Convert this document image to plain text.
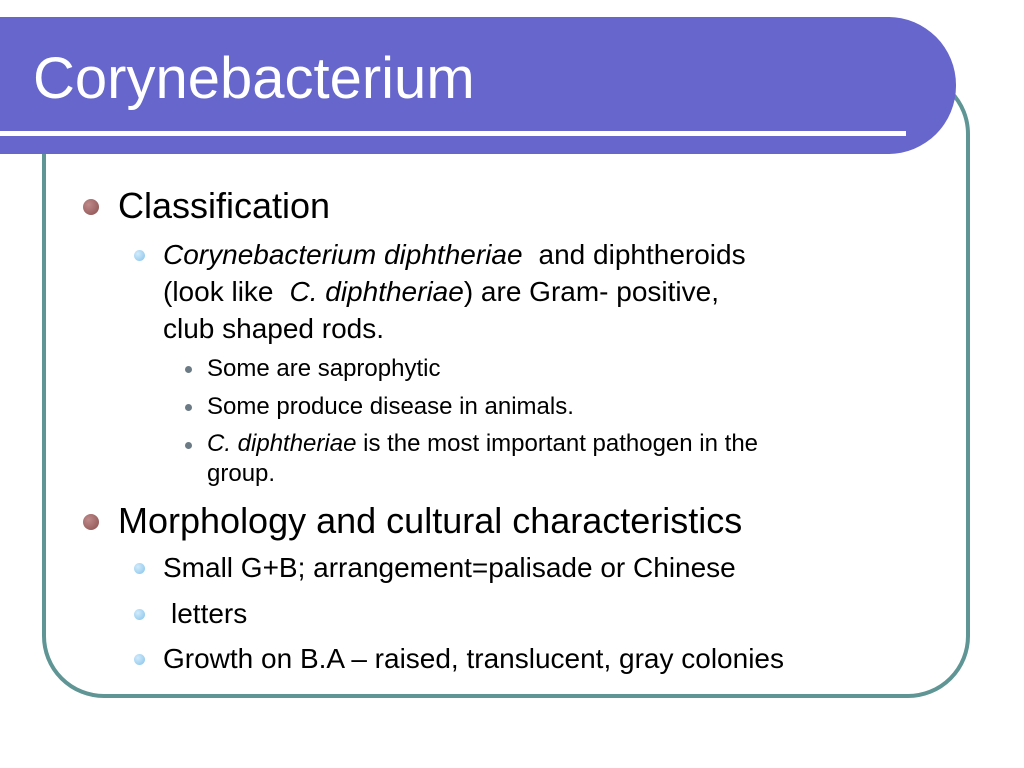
Corynebacterium

Classification

Corynebacterium diphtheriae and diphtheroids

(look like C. diphtheriae) are Gram- positive,

club shaped rods.

Some are saprophytic

Some produce disease in animals.

C. diphtheriae is the most important pathogen in the

group.

Morphology and cultural characteristics

Small G+B; arrangement=palisade or Chinese

letters

Growth on B.A – raised, translucent, gray colonies
